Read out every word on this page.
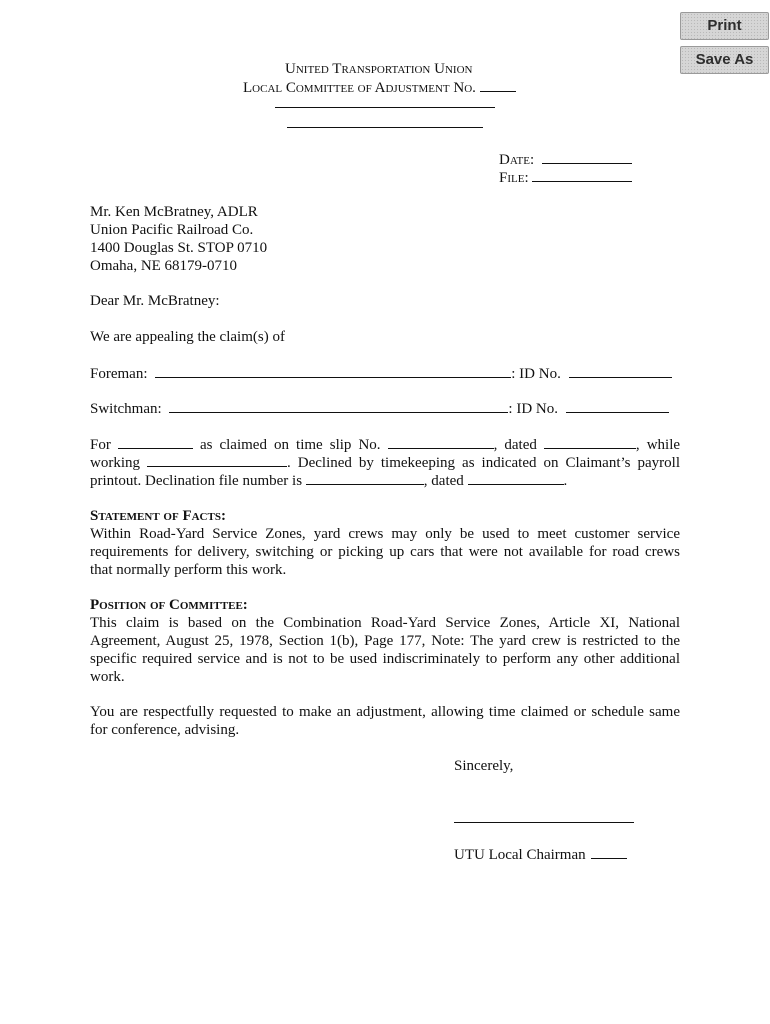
Print
Save As
United Transportation Union
Local Committee of Adjustment No.
Date:
File:
Mr. Ken McBratney, ADLR
Union Pacific Railroad Co.
1400 Douglas St. STOP 0710
Omaha, NE 68179-0710
Dear Mr. McBratney:
We are appealing the claim(s) of
Foreman:	: ID No.
Switchman:	: ID No.
For	as claimed on time slip No.	, dated	, while
working	. Declined by timekeeping as indicated on Claimant’s payroll
printout. Declination file number is	, dated	.
Statement of Facts:
Within Road-Yard Service Zones, yard crews may only be used to meet customer service
requirements for delivery, switching or picking up cars that were not available for road crews
that normally perform this work.
Position of Committee:
This claim is based on the Combination Road-Yard Service Zones, Article XI, National
Agreement, August 25, 1978, Section 1(b), Page 177, Note: The yard crew is restricted to the
specific required service and is not to be used indiscriminately to perform any other additional
work.
You are respectfully requested to make an adjustment, allowing time claimed or schedule same
for conference, advising.
Sincerely,
UTU Local Chairman
